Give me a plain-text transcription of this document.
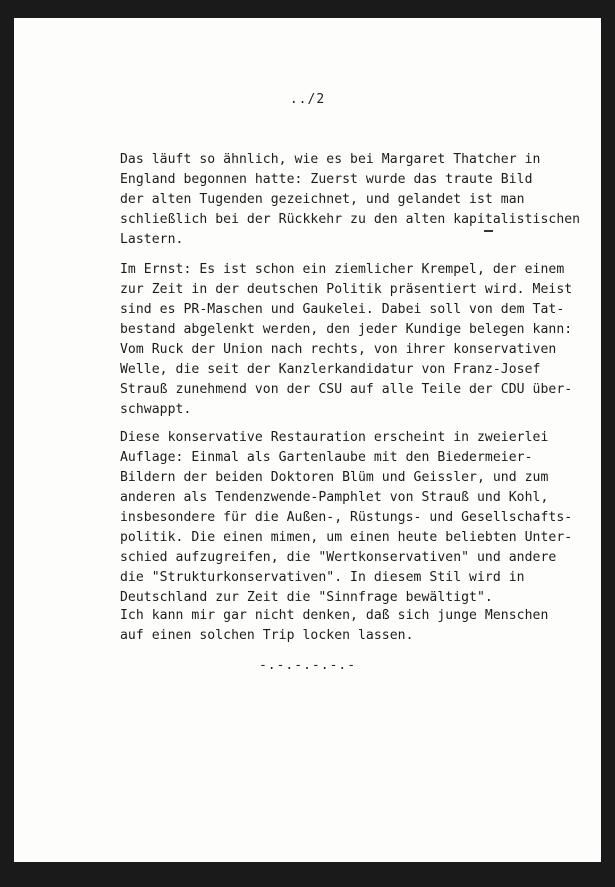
../2
Das läuft so ähnlich, wie es bei Margaret Thatcher in
England begonnen hatte: Zuerst wurde das traute Bild
der alten Tugenden gezeichnet, und gelandet ist man
schließlich bei der Rückkehr zu den alten kapitalistischen
Lastern.
Im Ernst: Es ist schon ein ziemlicher Krempel, der einem
zur Zeit in der deutschen Politik präsentiert wird. Meist
sind es PR-Maschen und Gaukelei. Dabei soll von dem Tat-
bestand abgelenkt werden, den jeder Kundige belegen kann:
Vom Ruck der Union nach rechts, von ihrer konservativen
Welle, die seit der Kanzlerkandidatur von Franz-Josef
Strauß zunehmend von der CSU auf alle Teile der CDU über-
schwappt.
Diese konservative Restauration erscheint in zweierlei
Auflage: Einmal als Gartenlaube mit den Biedermeier-
Bildern der beiden Doktoren Blüm und Geissler, und zum
anderen als Tendenzwende-Pamphlet von Strauß und Kohl,
insbesondere für die Außen-, Rüstungs- und Gesellschafts-
politik. Die einen mimen, um einen heute beliebten Unter-
schied aufzugreifen, die "Wertkonservativen" und andere
die "Strukturkonservativen". In diesem Stil wird in
Deutschland zur Zeit die "Sinnfrage bewältigt".
Ich kann mir gar nicht denken, daß sich junge Menschen
auf einen solchen Trip locken lassen.
-.-.-.-.-.-
